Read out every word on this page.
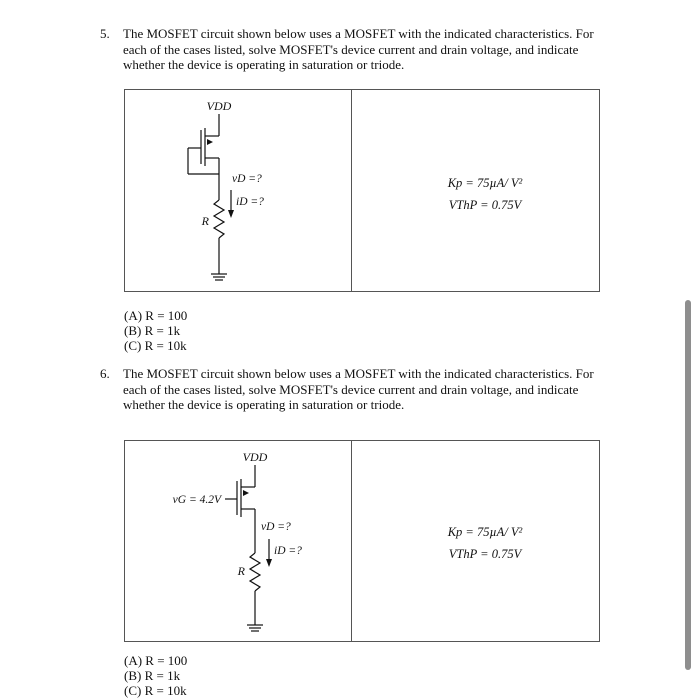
5. The MOSFET circuit shown below uses a MOSFET with the indicated characteristics. For each of the cases listed, solve MOSFET's device current and drain voltage, and indicate whether the device is operating in saturation or triode.
VDD
vD =?
iD =?
R
Kp = 75µA/ V²
VThP = 0.75V
(A) R = 100
(B) R = 1k
(C) R = 10k
6. The MOSFET circuit shown below uses a MOSFET with the indicated characteristics. For each of the cases listed, solve MOSFET's device current and drain voltage, and indicate whether the device is operating in saturation or triode.
VDD
vG = 4.2V
vD =?
iD =?
R
Kp = 75µA/ V²
VThP = 0.75V
(A) R = 100
(B) R = 1k
(C) R = 10k
